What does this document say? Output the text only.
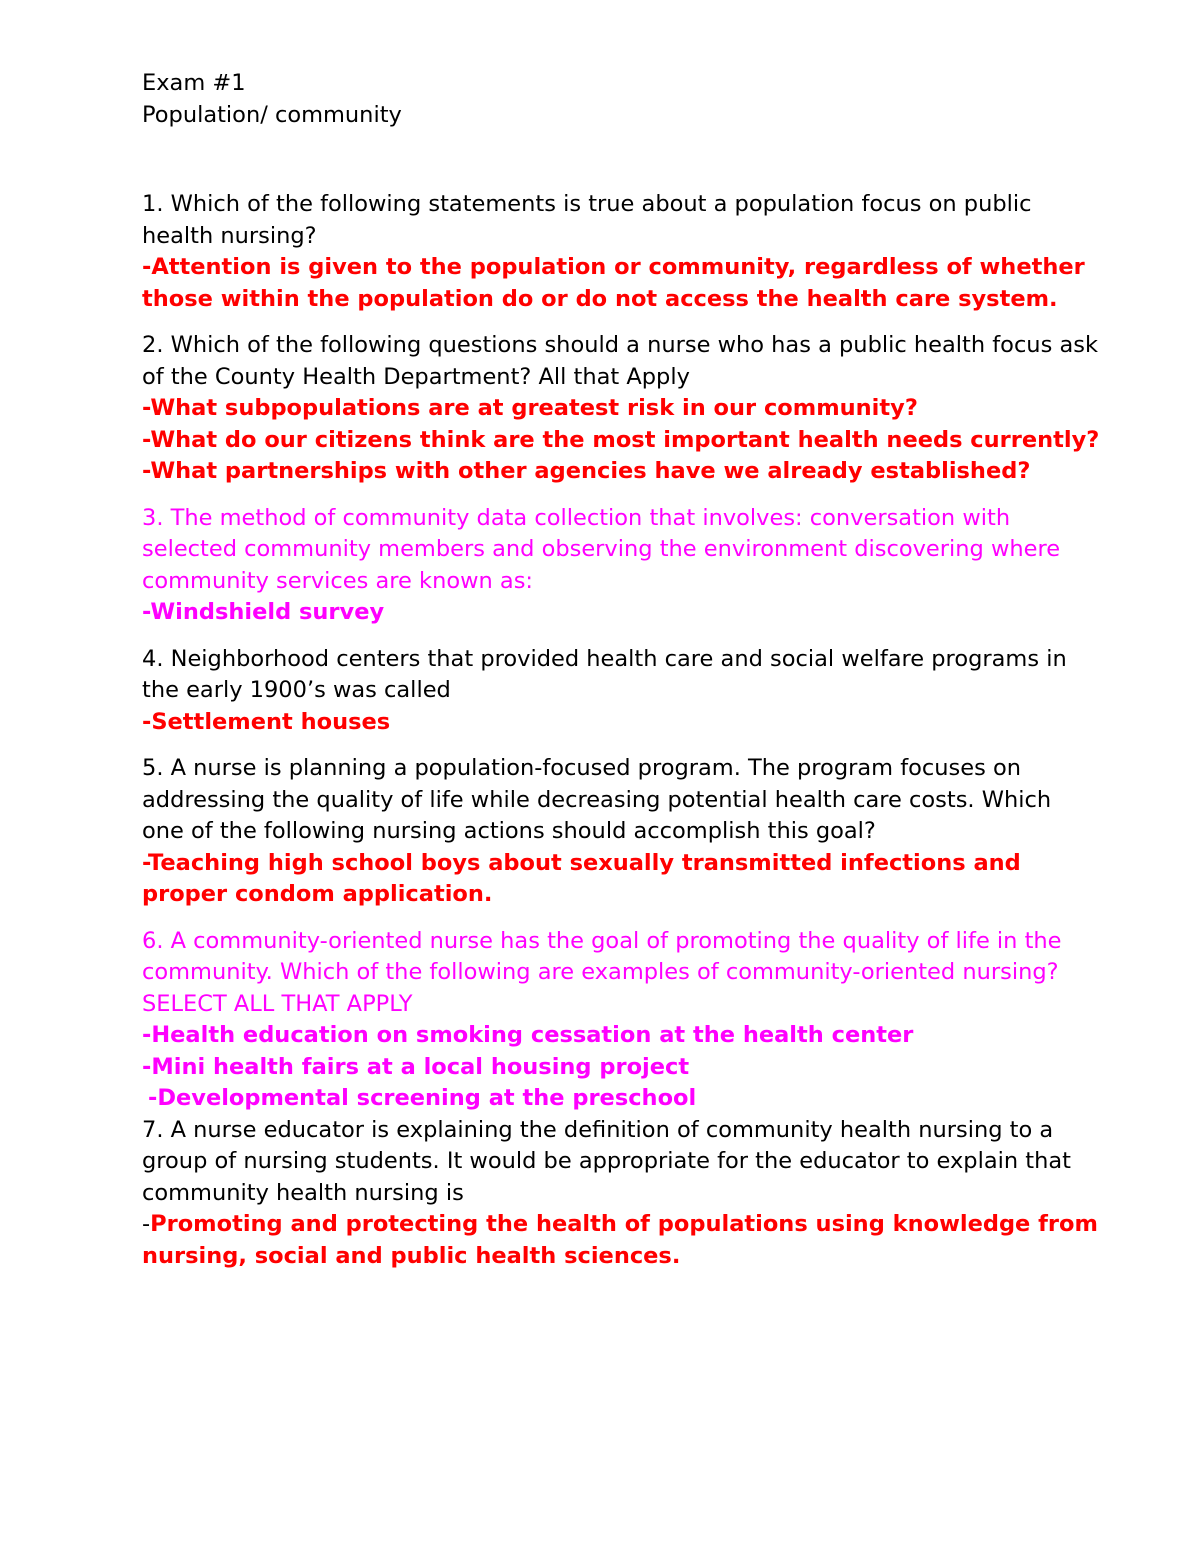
Exam #1

Population/ community

1. Which of the following statements is true about a population focus on public health nursing?

-Attention is given to the population or community, regardless of whether those within the population do or do not access the health care system.

2. Which of the following questions should a nurse who has a public health focus ask of the County Health Department? All that Apply

-What subpopulations are at greatest risk in our community?

-What do our citizens think are the most important health needs currently?

-What partnerships with other agencies have we already established?

3. The method of community data collection that involves: conversation with selected community members and observing the environment discovering where community services are known as:

-Windshield survey

4. Neighborhood centers that provided health care and social welfare programs in the early 1900’s was called

-Settlement houses

5. A nurse is planning a population-focused program. The program focuses on addressing the quality of life while decreasing potential health care costs. Which one of the following nursing actions should accomplish this goal?

-Teaching high school boys about sexually transmitted infections and proper condom application.

6. A community-oriented nurse has the goal of promoting the quality of life in the community. Which of the following are examples of community-oriented nursing? SELECT ALL THAT APPLY

-Health education on smoking cessation at the health center

-Mini health fairs at a local housing project

-Developmental screening at the preschool

7. A nurse educator is explaining the definition of community health nursing to a group of nursing students. It would be appropriate for the educator to explain that community health nursing is

-Promoting and protecting the health of populations using knowledge from nursing, social and public health sciences.
